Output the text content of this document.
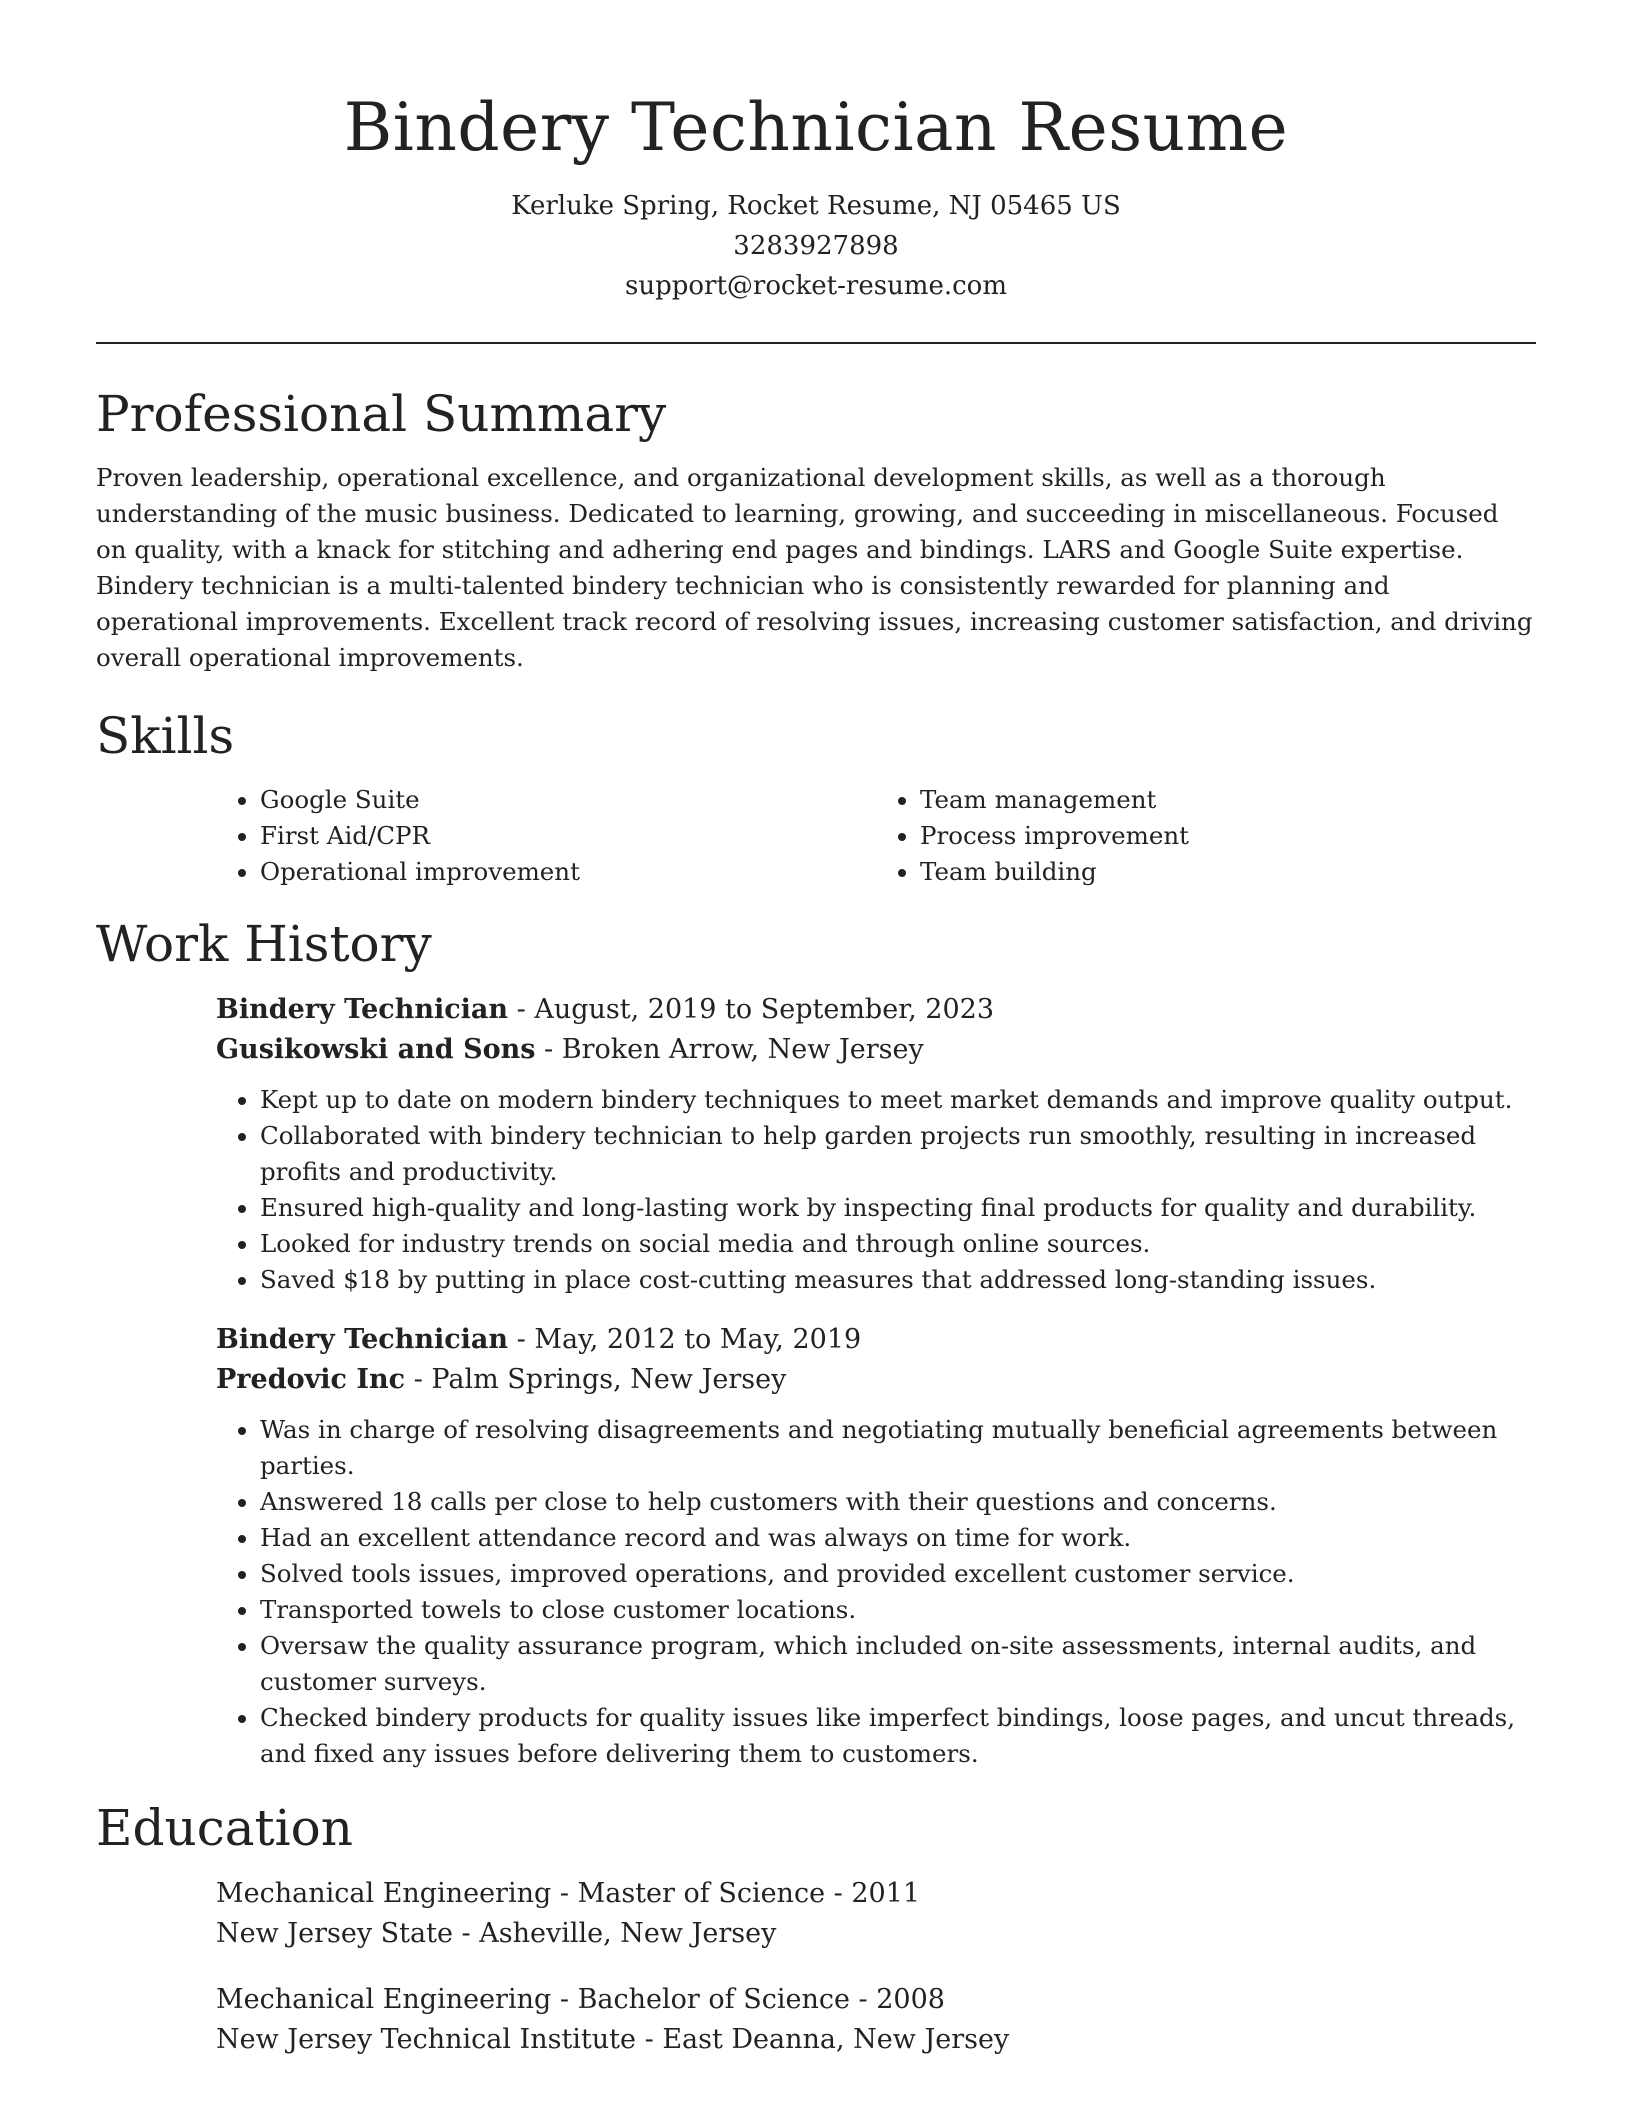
Bindery Technician Resume
Kerluke Spring, Rocket Resume, NJ 05465 US
3283927898
support@rocket-resume.com
Professional Summary

Proven leadership, operational excellence, and organizational development skills, as well as a thorough understanding of the music business. Dedicated to learning, growing, and succeeding in miscellaneous. Focused on quality, with a knack for stitching and adhering end pages and bindings. LARS and Google Suite expertise. Bindery technician is a multi-talented bindery technician who is consistently rewarded for planning and operational improvements. Excellent track record of resolving issues, increasing customer satisfaction, and driving overall operational improvements.

Skills
• Google Suite
• First Aid/CPR
• Operational improvement
• Team management
• Process improvement
• Team building
Work History
Bindery Technician - August, 2019 to September, 2023
Gusikowski and Sons - Broken Arrow, New Jersey
• Kept up to date on modern bindery techniques to meet market demands and improve quality output.
• Collaborated with bindery technician to help garden projects run smoothly, resulting in increased profits and productivity.
• Ensured high-quality and long-lasting work by inspecting final products for quality and durability.
• Looked for industry trends on social media and through online sources.
• Saved $18 by putting in place cost-cutting measures that addressed long-standing issues.
Bindery Technician - May, 2012 to May, 2019
Predovic Inc - Palm Springs, New Jersey
• Was in charge of resolving disagreements and negotiating mutually beneficial agreements between parties.
• Answered 18 calls per close to help customers with their questions and concerns.
• Had an excellent attendance record and was always on time for work.
• Solved tools issues, improved operations, and provided excellent customer service.
• Transported towels to close customer locations.
• Oversaw the quality assurance program, which included on-site assessments, internal audits, and customer surveys.
• Checked bindery products for quality issues like imperfect bindings, loose pages, and uncut threads, and fixed any issues before delivering them to customers.
Education
Mechanical Engineering - Master of Science - 2011
New Jersey State - Asheville, New Jersey
Mechanical Engineering - Bachelor of Science - 2008
New Jersey Technical Institute - East Deanna, New Jersey
